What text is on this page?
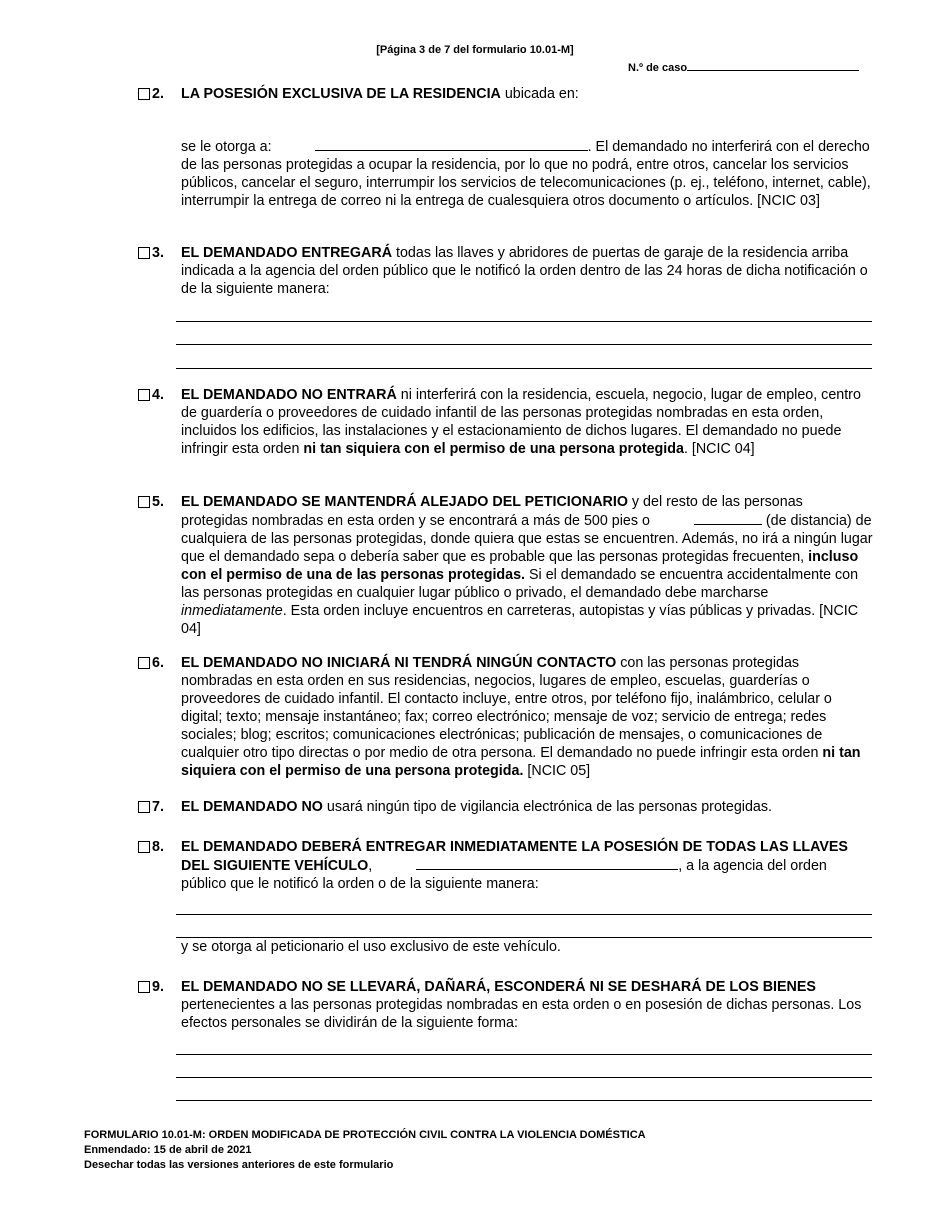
[Página 3 de 7 del formulario 10.01-M]
N.º de caso
2. LA POSESIÓN EXCLUSIVA DE LA RESIDENCIA ubicada en:
se le otorga a:	. El demandado no interferirá con el derecho de las personas protegidas a ocupar la residencia, por lo que no podrá, entre otros, cancelar los servicios públicos, cancelar el seguro, interrumpir los servicios de telecomunicaciones (p. ej., teléfono, internet, cable), interrumpir la entrega de correo ni la entrega de cualesquiera otros documento o artículos. [NCIC 03]
3. EL DEMANDADO ENTREGARÁ todas las llaves y abridores de puertas de garaje de la residencia arriba indicada a la agencia del orden público que le notificó la orden dentro de las 24 horas de dicha notificación o de la siguiente manera:
4. EL DEMANDADO NO ENTRARÁ ni interferirá con la residencia, escuela, negocio, lugar de empleo, centro de guardería o proveedores de cuidado infantil de las personas protegidas nombradas en esta orden, incluidos los edificios, las instalaciones y el estacionamiento de dichos lugares. El demandado no puede infringir esta orden ni tan siquiera con el permiso de una persona protegida. [NCIC 04]
5. EL DEMANDADO SE MANTENDRÁ ALEJADO DEL PETICIONARIO y del resto de las personas protegidas nombradas en esta orden y se encontrará a más de 500 pies o	(de distancia) de cualquiera de las personas protegidas, donde quiera que estas se encuentren. Además, no irá a ningún lugar que el demandado sepa o debería saber que es probable que las personas protegidas frecuenten, incluso con el permiso de una de las personas protegidas. Si el demandado se encuentra accidentalmente con las personas protegidas en cualquier lugar público o privado, el demandado debe marcharse inmediatamente. Esta orden incluye encuentros en carreteras, autopistas y vías públicas y privadas. [NCIC 04]
6. EL DEMANDADO NO INICIARÁ NI TENDRÁ NINGÚN CONTACTO con las personas protegidas nombradas en esta orden en sus residencias, negocios, lugares de empleo, escuelas, guarderías o proveedores de cuidado infantil. El contacto incluye, entre otros, por teléfono fijo, inalámbrico, celular o digital; texto; mensaje instantáneo; fax; correo electrónico; mensaje de voz; servicio de entrega; redes sociales; blog; escritos; comunicaciones electrónicas; publicación de mensajes, o comunicaciones de cualquier otro tipo directas o por medio de otra persona. El demandado no puede infringir esta orden ni tan siquiera con el permiso de una persona protegida. [NCIC 05]
7. EL DEMANDADO NO usará ningún tipo de vigilancia electrónica de las personas protegidas.
8. EL DEMANDADO DEBERÁ ENTREGAR INMEDIATAMENTE LA POSESIÓN DE TODAS LAS LLAVES DEL SIGUIENTE VEHÍCULO,	, a la agencia del orden público que le notificó la orden o de la siguiente manera:
y se otorga al peticionario el uso exclusivo de este vehículo.
9. EL DEMANDADO NO SE LLEVARÁ, DAÑARÁ, ESCONDERÁ NI SE DESHARÁ DE LOS BIENES pertenecientes a las personas protegidas nombradas en esta orden o en posesión de dichas personas. Los efectos personales se dividirán de la siguiente forma:
FORMULARIO 10.01-M: ORDEN MODIFICADA DE PROTECCIÓN CIVIL CONTRA LA VIOLENCIA DOMÉSTICA
Enmendado: 15 de abril de 2021
Desechar todas las versiones anteriores de este formulario
